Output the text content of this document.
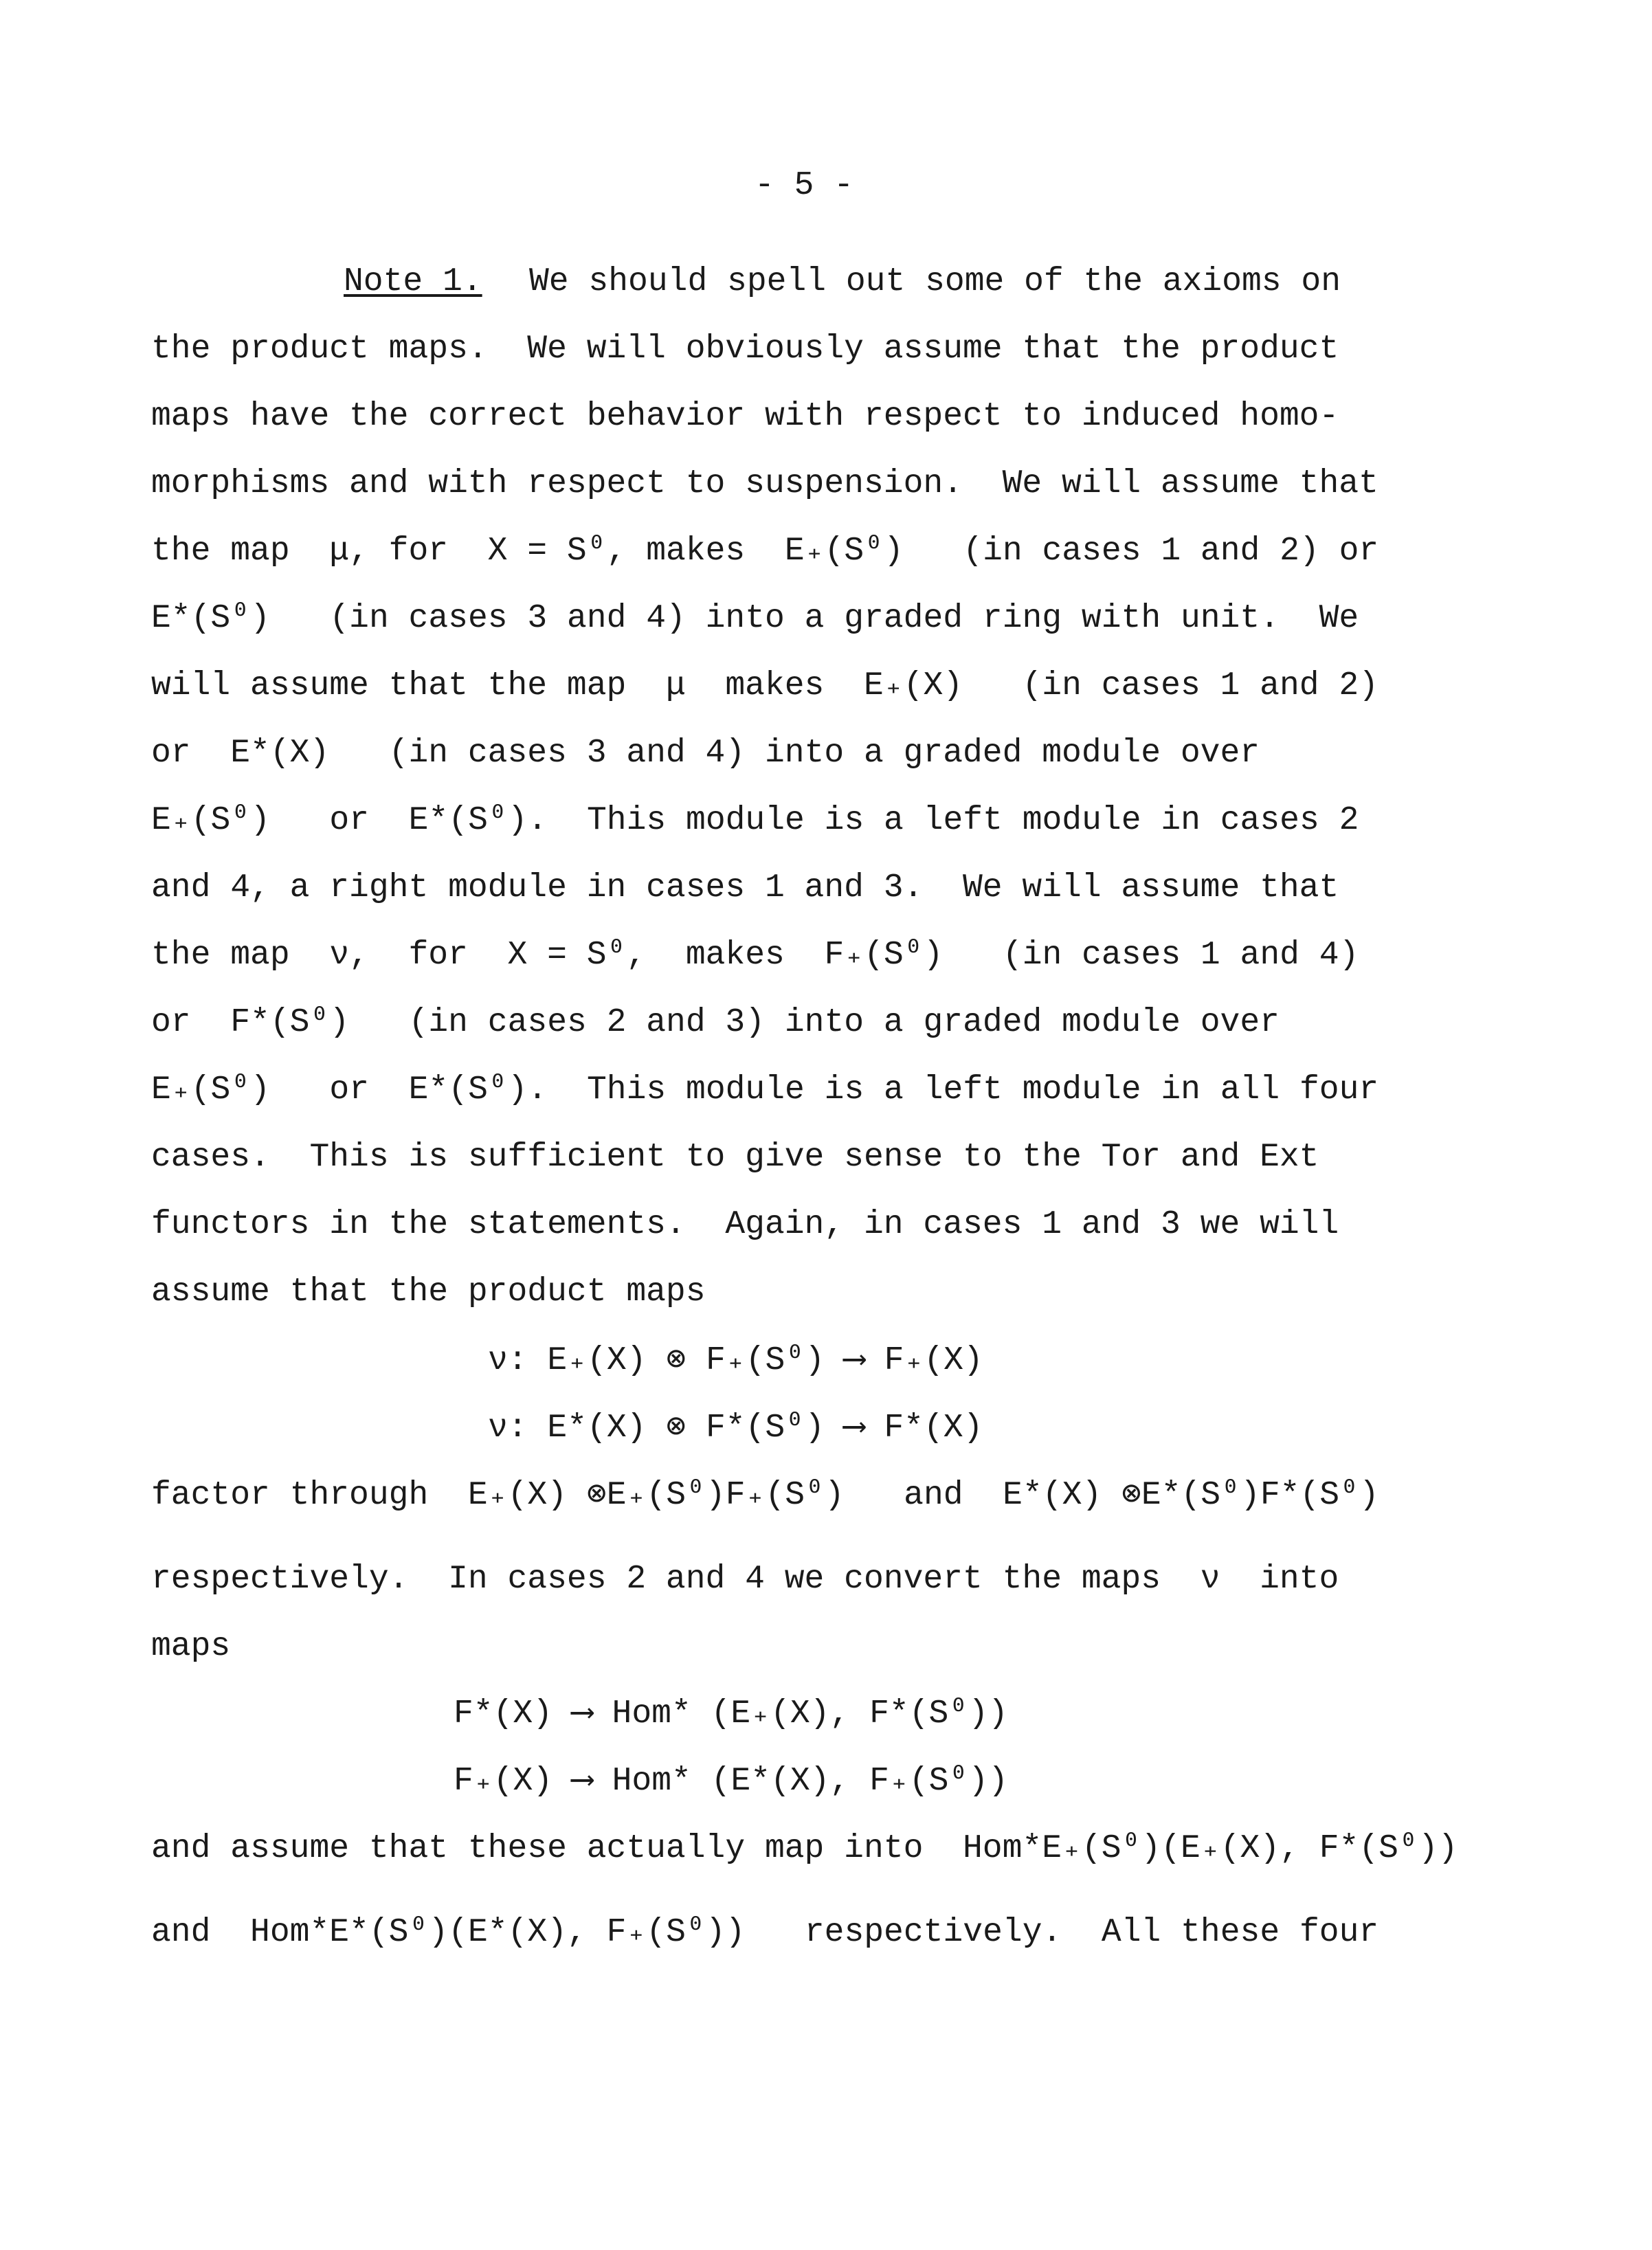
- 5 -
Note 1. We should spell out some of the axioms on
the product maps.  We will obviously assume that the product
maps have the correct behavior with respect to induced homo-
morphisms and with respect to suspension.  We will assume that
the map  μ, for  X = S⁰, makes  E₊(S⁰)   (in cases 1 and 2) or
E*(S⁰)   (in cases 3 and 4) into a graded ring with unit.  We
will assume that the map  μ  makes  E₊(X)   (in cases 1 and 2)
or  E*(X)   (in cases 3 and 4) into a graded module over
E₊(S⁰)   or  E*(S⁰).  This module is a left module in cases 2
and 4, a right module in cases 1 and 3.  We will assume that
the map  ν,  for  X = S⁰,  makes  F₊(S⁰)   (in cases 1 and 4)
or  F*(S⁰)   (in cases 2 and 3) into a graded module over
E₊(S⁰)   or  E*(S⁰).  This module is a left module in all four
cases.  This is sufficient to give sense to the Tor and Ext
functors in the statements.  Again, in cases 1 and 3 we will
assume that the product maps
ν: E₊(X) ⊗ F₊(S⁰) ⟶ F₊(X)
ν: E*(X) ⊗ F*(S⁰) ⟶ F*(X)
factor through  E₊(X) ⊗E₊(S⁰)F₊(S⁰)   and  E*(X) ⊗E*(S⁰)F*(S⁰)
respectively.  In cases 2 and 4 we convert the maps  ν  into
maps
F*(X) ⟶ Hom* (E₊(X), F*(S⁰))
F₊(X) ⟶ Hom* (E*(X), F₊(S⁰))
and assume that these actually map into  Hom*E₊(S⁰)(E₊(X), F*(S⁰))
and  Hom*E*(S⁰)(E*(X), F₊(S⁰))   respectively.  All these four
